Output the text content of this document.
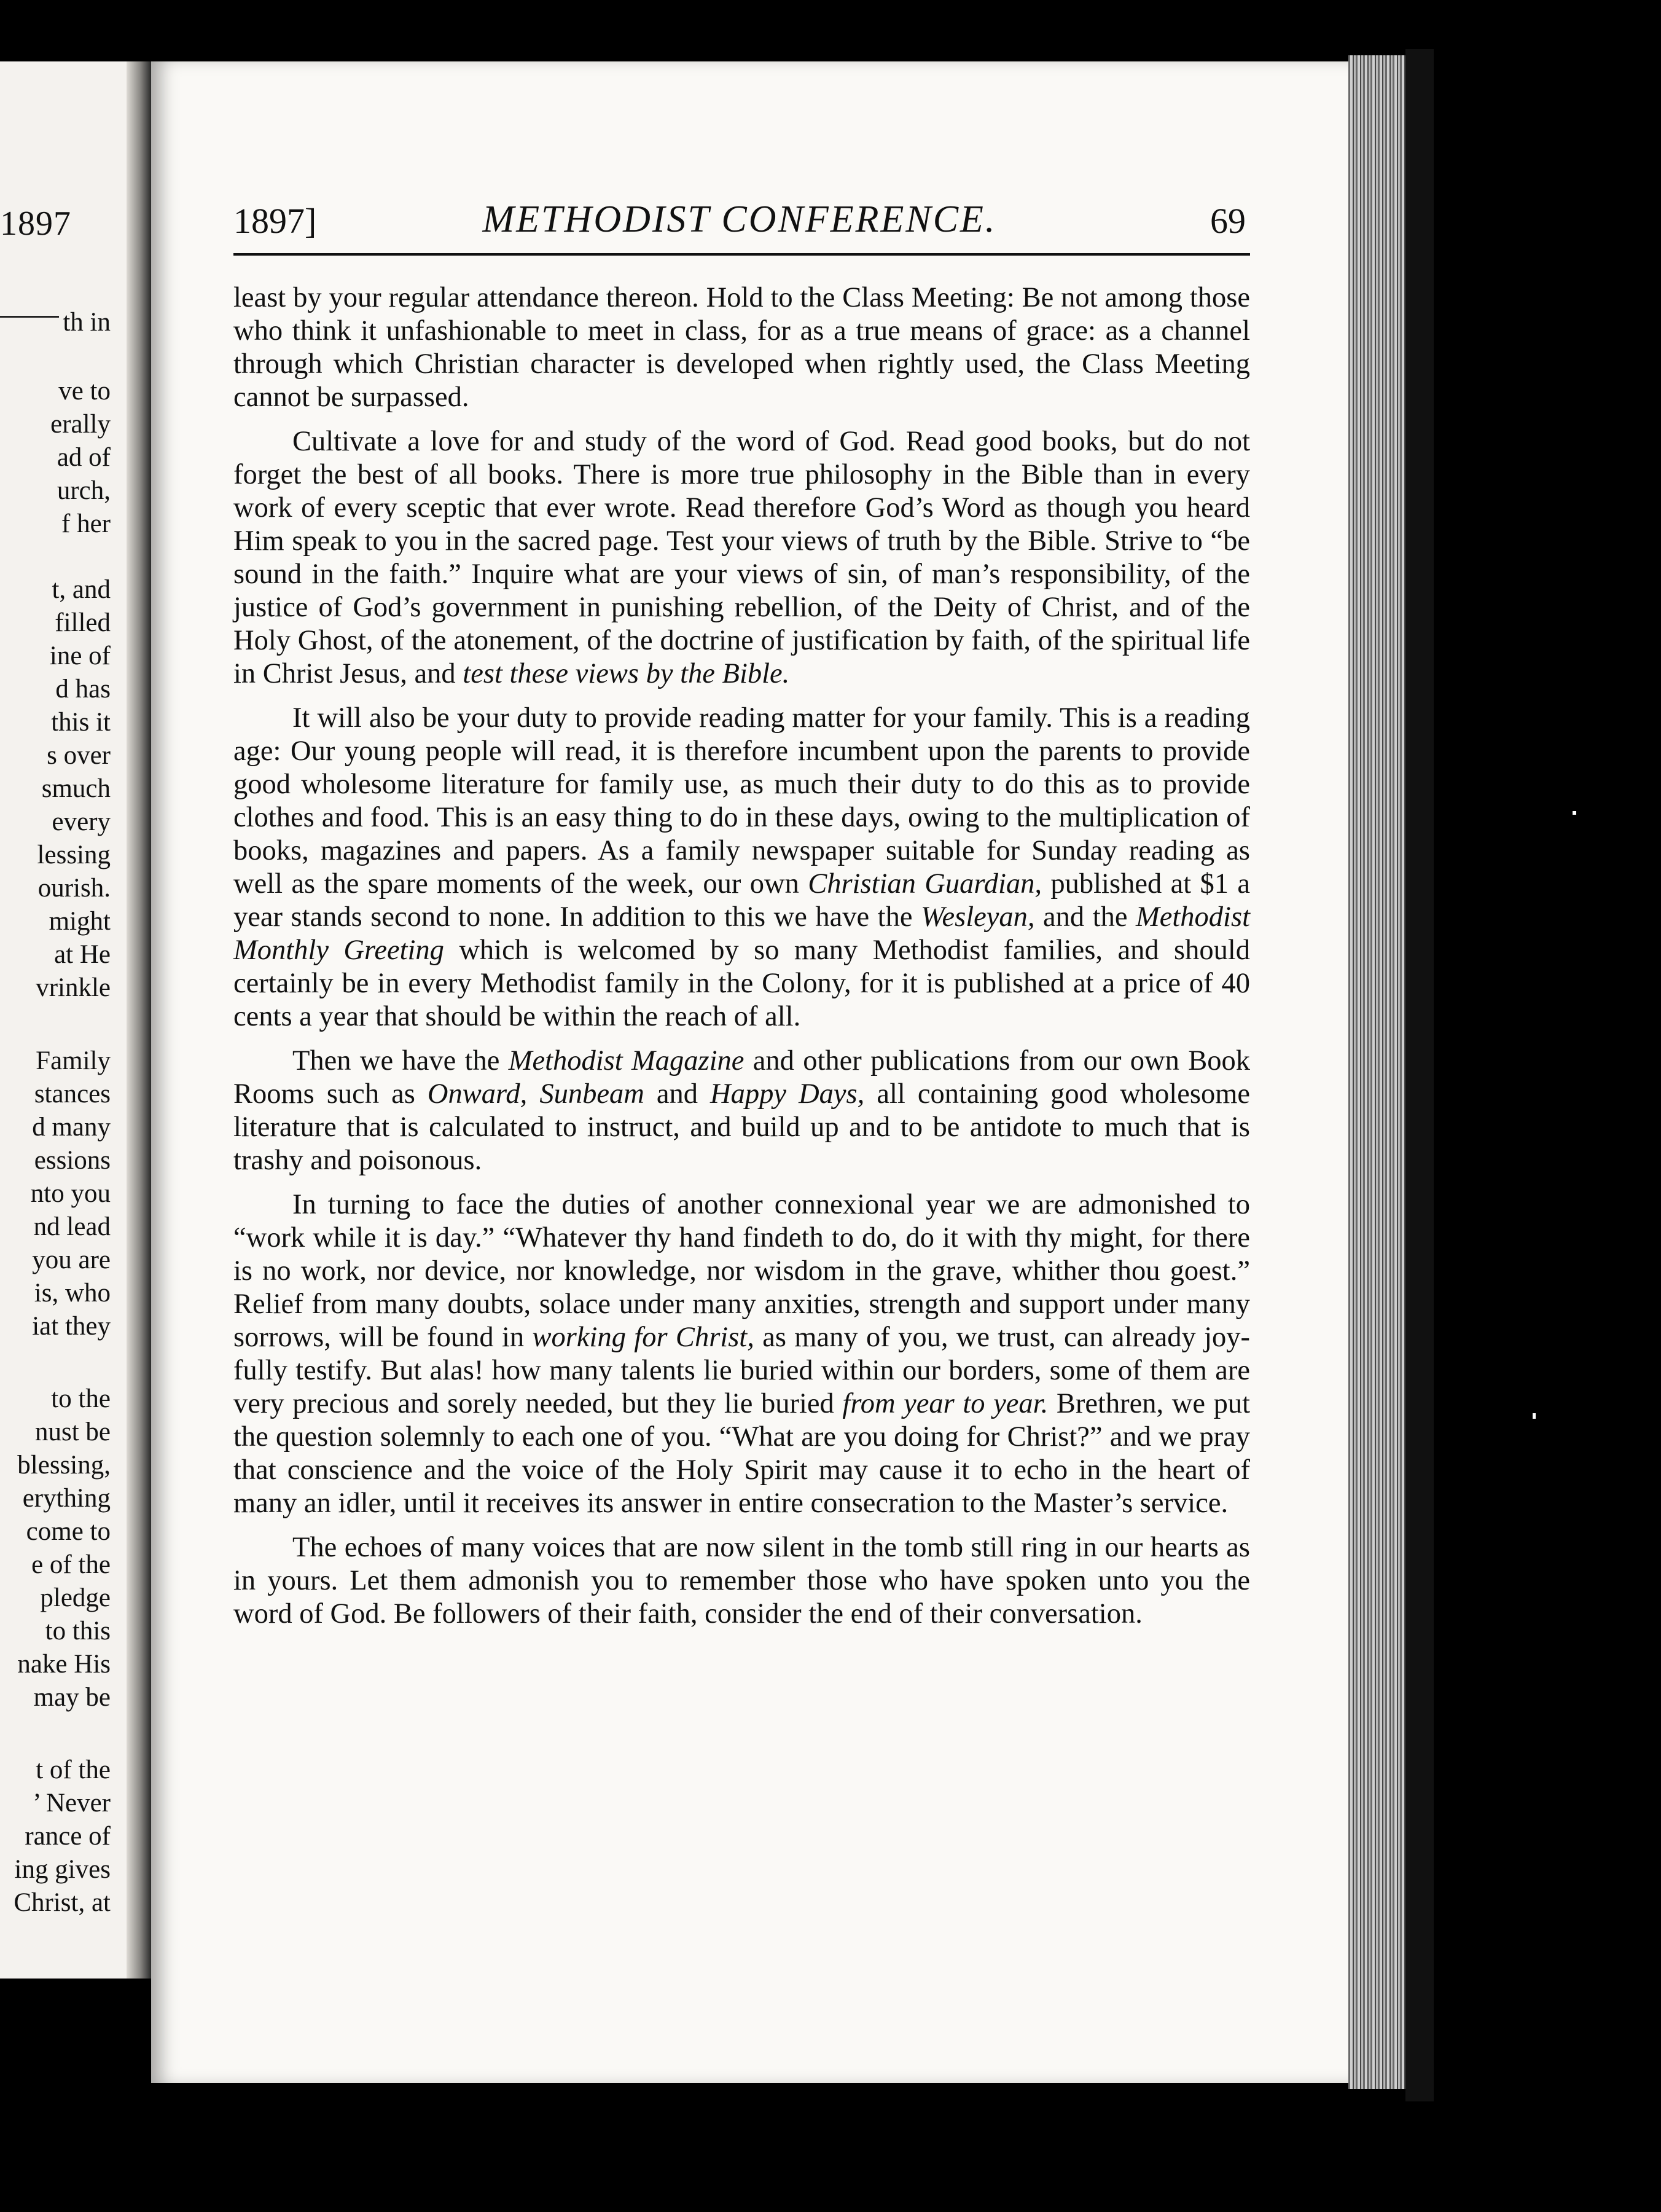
1897
th in
ve to
erally
ad of
urch,
f her
t, and
filled
ine of
d has
this it
s over
smuch
every
lessing
ourish.
might
at He
vrinkle
Family
stances
d many
essions
nto you
nd lead
you are
is, who
iat they
to the
nust be
blessing,
erything
come to
e of the
pledge
to this
nake His
may be
t of the
’ Never
rance of
ing gives
Christ, at
1897]	METHODIST CONFERENCE.	69

least by your regular attendance thereon. Hold to the Class Meeting: Be not among those who think it unfashionable to meet in class, for as a true means of grace: as a channel through which Christian character is developed when rightly used, the Class Meeting cannot be surpassed.

Cultivate a love for and study of the word of God. Read good books, but do not forget the best of all books. There is more true philosophy in the Bible than in every work of every sceptic that ever wrote. Read therefore God’s Word as though you heard Him speak to you in the sacred page. Test your views of truth by the Bible. Strive to “be sound in the faith.” Inquire what are your views of sin, of man’s responsibility, of the justice of God’s government in punishing rebellion, of the Deity of Christ, and of the Holy Ghost, of the atonement, of the doctrine of justification by faith, of the spiritual life in Christ Jesus, and test these views by the Bible.

It will also be your duty to provide reading matter for your family. This is a reading age: Our young people will read, it is therefore incumbent upon the parents to provide good wholesome literature for family use, as much their duty to do this as to provide clothes and food. This is an easy thing to do in these days, owing to the multiplication of books, magazines and papers. As a family newspaper suitable for Sunday reading as well as the spare moments of the week, our own Christian Guardian, published at $1 a year stands second to none. In addition to this we have the Wesleyan, and the Methodist Monthly Greeting which is welcomed by so many Methodist families, and should certainly be in every Methodist family in the Colony, for it is published at a price of 40 cents a year that should be within the reach of all.

Then we have the Methodist Magazine and other publications from our own Book Rooms such as Onward, Sunbeam and Happy Days, all containing good wholesome literature that is calculated to instruct, and build up and to be antidote to much that is trashy and poisonous.

In turning to face the duties of another connexional year we are admonished to “work while it is day.” “Whatever thy hand findeth to do, do it with thy might, for there is no work, nor device, nor knowledge, nor wisdom in the grave, whither thou goest.” Relief from many doubts, solace under many anxities, strength and support under many sorrows, will be found in working for Christ, as many of you, we trust, can already joyfully testify. But alas! how many talents lie buried within our borders, some of them are very precious and sorely needed, but they lie buried from year to year. Brethren, we put the question solemnly to each one of you. “What are you doing for Christ?” and we pray that conscience and the voice of the Holy Spirit may cause it to echo in the heart of many an idler, until it receives its answer in entire consecration to the Master’s service.

The echoes of many voices that are now silent in the tomb still ring in our hearts as in yours. Let them admonish you to remember those who have spoken unto you the word of God. Be followers of their faith, consider the end of their conversation.
